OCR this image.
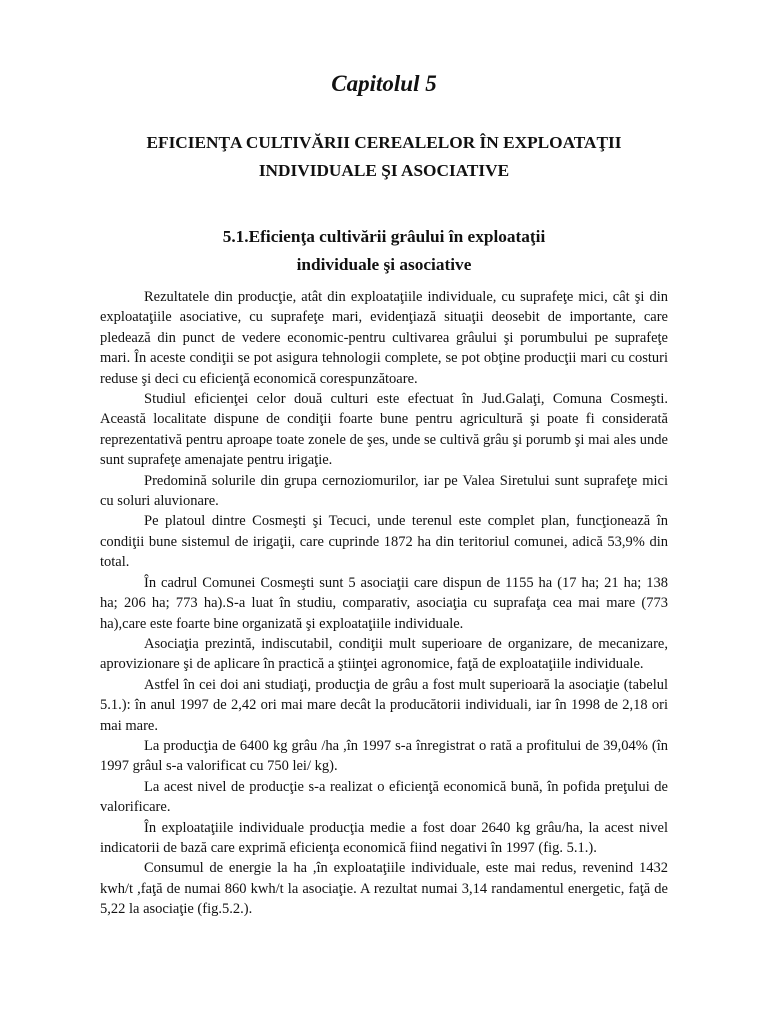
Capitolul 5
EFICIENŢA CULTIVĂRII CEREALELOR ÎN EXPLOATAŢII
INDIVIDUALE ŞI ASOCIATIVE
5.1.Eficienţa cultivării grâului în exploataţii
individuale şi asociative

Rezultatele din producţie, atât din exploataţiile individuale, cu suprafeţe mici, cât şi din exploataţiile asociative, cu suprafeţe mari, evidenţiază situaţii deosebit de importante, care pledează din punct de vedere economic-pentru cultivarea grâului şi porumbului pe suprafeţe mari. În aceste condiţii se pot asigura tehnologii complete, se pot obţine producţii mari cu costuri reduse şi deci cu eficienţă economică corespunzătoare.

Studiul eficienţei celor două culturi este efectuat în Jud.Galaţi, Comuna Cosmeşti. Această localitate dispune de condiţii foarte bune pentru agricultură şi poate fi considerată reprezentativă pentru aproape toate zonele de şes, unde se cultivă grâu şi porumb şi mai ales unde sunt suprafeţe amenajate pentru irigaţie.

Predomină solurile din grupa cernoziomurilor, iar pe Valea Siretului sunt suprafeţe mici cu soluri aluvionare.

Pe platoul dintre Cosmeşti şi Tecuci, unde terenul este complet plan, funcţionează în condiţii bune sistemul de irigaţii, care cuprinde 1872 ha din teritoriul comunei, adică 53,9% din total.

În cadrul Comunei Cosmeşti sunt 5 asociaţii care dispun de 1155 ha (17 ha; 21 ha; 138 ha; 206 ha; 773 ha).S-a luat în studiu, comparativ, asociaţia cu suprafaţa cea mai mare (773 ha),care este foarte bine organizată şi exploataţiile individuale.

Asociaţia prezintă, indiscutabil, condiţii mult superioare de organizare, de mecanizare, aprovizionare şi de aplicare în practică a ştiinţei agronomice, faţă de exploataţiile individuale.

Astfel în cei doi ani studiaţi, producţia de grâu a fost mult superioară la asociaţie (tabelul 5.1.): în anul 1997 de 2,42 ori mai mare decât la producătorii individuali, iar în 1998 de 2,18 ori mai mare.

La producţia de 6400 kg grâu /ha ,în 1997 s-a înregistrat o rată a profitului de 39,04% (în 1997 grâul s-a valorificat cu 750 lei/ kg).

La acest nivel de producţie s-a realizat o eficienţă economică bună, în pofida preţului de valorificare.

În exploataţiile individuale producţia medie a fost doar 2640 kg grâu/ha, la acest nivel indicatorii de bază care exprimă eficienţa economică fiind negativi în 1997 (fig. 5.1.).

Consumul de energie la ha ,în exploataţiile individuale, este mai redus, revenind 1432 kwh/t ,faţă de numai 860 kwh/t la asociaţie. A rezultat numai 3,14 randamentul energetic, faţă de 5,22 la asociaţie (fig.5.2.).
